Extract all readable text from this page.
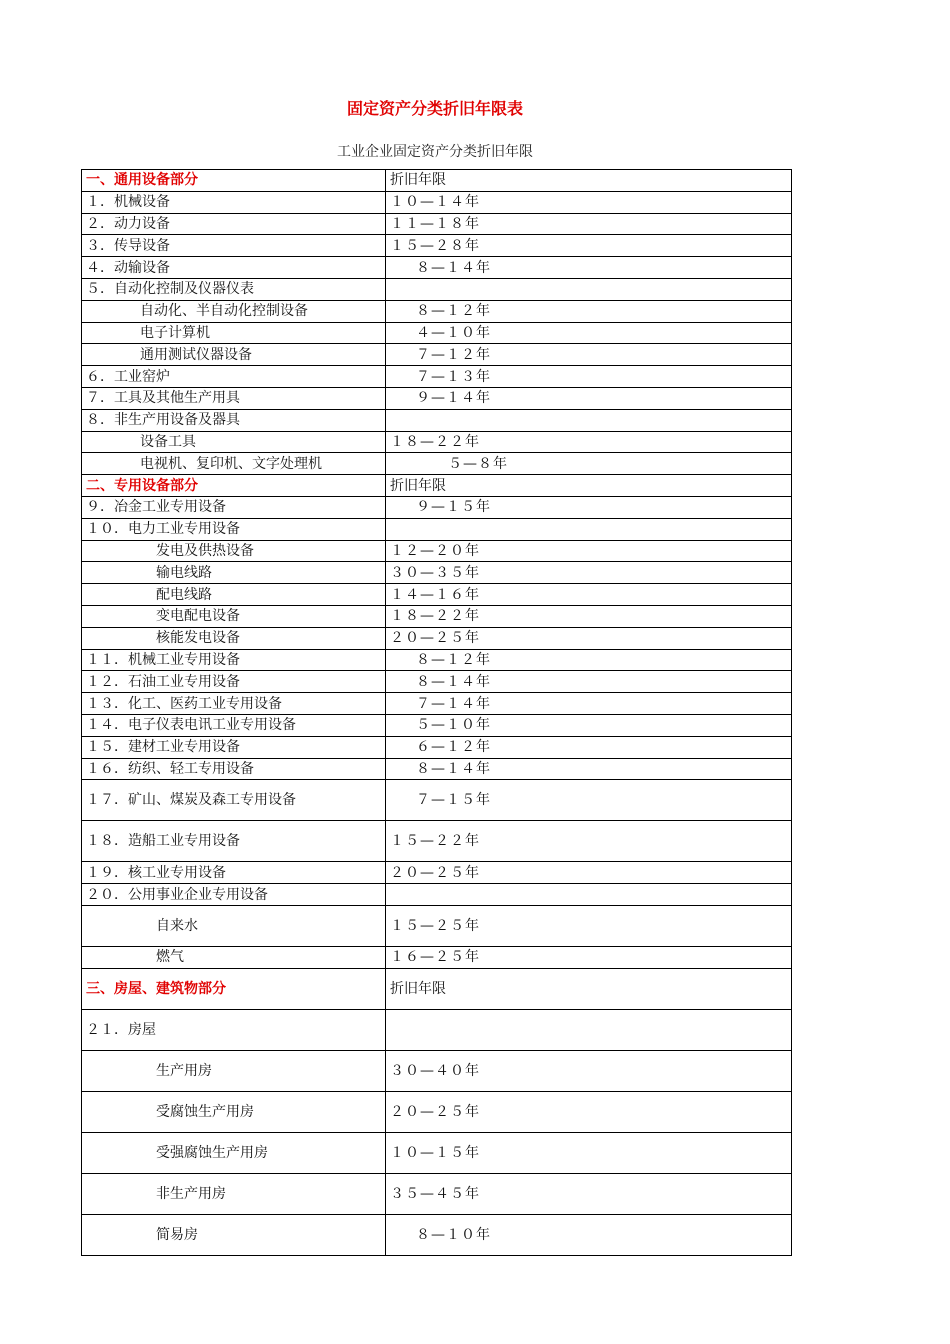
固定资产分类折旧年限表
工业企业固定资产分类折旧年限
一、通用设备部分	折旧年限
１．机械设备	１０—１４年
２．动力设备	１１—１８年
３．传导设备	１５—２８年
４．动输设备	８—１４年
５．自动化控制及仪器仪表	
自动化、半自动化控制设备	８—１２年
电子计算机	４—１０年
通用测试仪器设备	７—１２年
６．工业窑炉	７—１３年
７．工具及其他生产用具	９—１４年
８．非生产用设备及器具	
设备工具	１８—２２年
电视机、复印机、文字处理机	５—８年
二、专用设备部分	折旧年限
９．冶金工业专用设备	９—１５年
１０．电力工业专用设备	
发电及供热设备	１２—２０年
输电线路	３０—３５年
配电线路	１４—１６年
变电配电设备	１８—２２年
核能发电设备	２０—２５年
１１．机械工业专用设备	８—１２年
１２．石油工业专用设备	８—１４年
１３．化工、医药工业专用设备	７—１４年
１４．电子仪表电讯工业专用设备	５—１０年
１５．建材工业专用设备	６—１２年
１６．纺织、轻工专用设备	８—１４年
１７．矿山、煤炭及森工专用设备	７—１５年
１８．造船工业专用设备	１５—２２年
１９．核工业专用设备	２０—２５年
２０．公用事业企业专用设备	
自来水	１５—２５年
燃气	１６—２５年
三、房屋、建筑物部分	折旧年限
２１．房屋	
生产用房	３０—４０年
受腐蚀生产用房	２０—２５年
受强腐蚀生产用房	１０—１５年
非生产用房	３５—４５年
简易房	８—１０年
